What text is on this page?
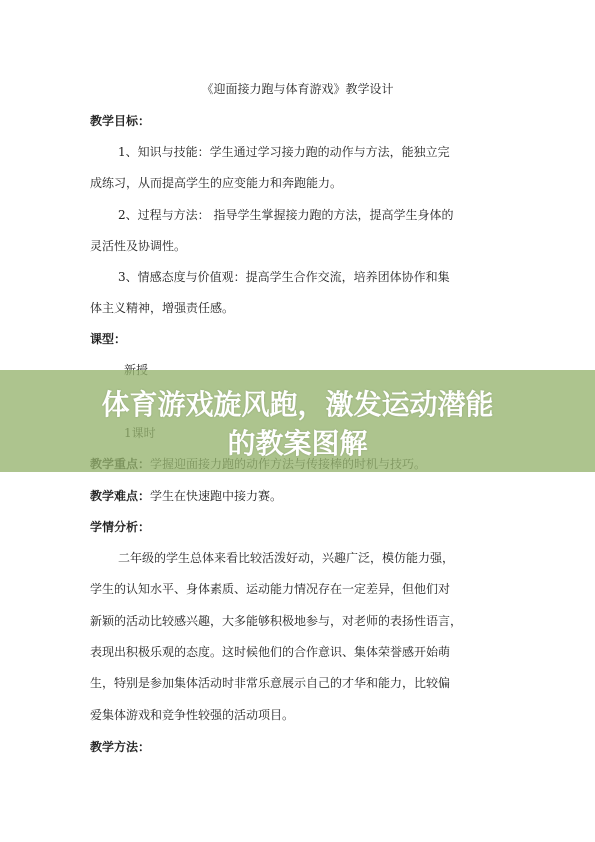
《迎面接力跑与体育游戏》教学设计
教学目标：
1、知识与技能：学生通过学习接力跑的动作与方法，能独立完
成练习，从而提高学生的应变能力和奔跑能力。
2、过程与方法： 指导学生掌握接力跑的方法，提高学生身体的
灵活性及协调性。
3、情感态度与价值观：提高学生合作交流，培养团体协作和集
体主义精神，增强责任感。
课型：
教学难点：学生在快速跑中接力赛。
学情分析：
二年级的学生总体来看比较活泼好动，兴趣广泛，模仿能力强，
学生的认知水平、身体素质、运动能力情况存在一定差异，但他们对
新颖的活动比较感兴趣，大多能够积极地参与，对老师的表扬性语言，
表现出积极乐观的态度。这时候他们的合作意识、集体荣誉感开始萌
生，特别是参加集体活动时非常乐意展示自己的才华和能力，比较偏
爱集体游戏和竞争性较强的活动项目。
教学方法：
体育游戏旋风跑，激发运动潜能
的教案图解
